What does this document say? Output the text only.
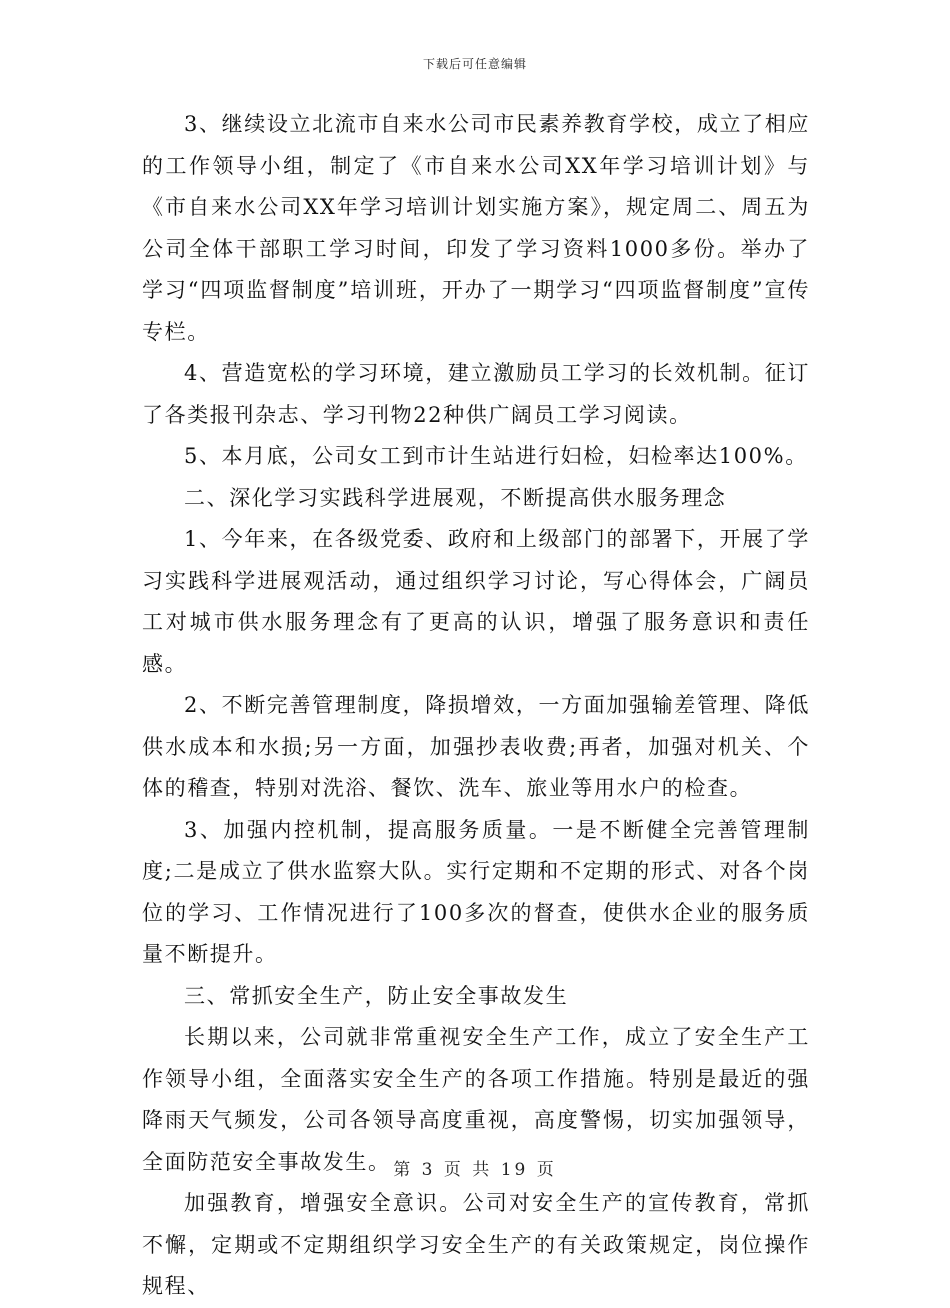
下载后可任意编辑

3、继续设立北流市自来水公司市民素养教育学校，成立了相应的工作领导小组，制定了《市自来水公司XX年学习培训计划》与《市自来水公司XX年学习培训计划实施方案》，规定周二、周五为公司全体干部职工学习时间，印发了学习资料1000多份。举办了学习“四项监督制度”培训班，开办了一期学习“四项监督制度”宣传专栏。

4、营造宽松的学习环境，建立激励员工学习的长效机制。征订了各类报刊杂志、学习刊物22种供广阔员工学习阅读。

5、本月底，公司女工到市计生站进行妇检，妇检率达100%。

二、深化学习实践科学进展观，不断提高供水服务理念

1、今年来，在各级党委、政府和上级部门的部署下，开展了学习实践科学进展观活动，通过组织学习讨论，写心得体会，广阔员工对城市供水服务理念有了更高的认识，增强了服务意识和责任感。

2、不断完善管理制度，降损增效，一方面加强输差管理、降低供水成本和水损;另一方面，加强抄表收费;再者，加强对机关、个体的稽查，特别对洗浴、餐饮、洗车、旅业等用水户的检查。

3、加强内控机制，提高服务质量。一是不断健全完善管理制度;二是成立了供水监察大队。实行定期和不定期的形式、对各个岗位的学习、工作情况进行了100多次的督查，使供水企业的服务质量不断提升。

三、常抓安全生产，防止安全事故发生

长期以来，公司就非常重视安全生产工作，成立了安全生产工作领导小组，全面落实安全生产的各项工作措施。特别是最近的强降雨天气频发，公司各领导高度重视，高度警惕，切实加强领导，全面防范安全事故发生。

加强教育，增强安全意识。公司对安全生产的宣传教育，常抓不懈，定期或不定期组织学习安全生产的有关政策规定，岗位操作规程、

第 3 页 共 19 页
